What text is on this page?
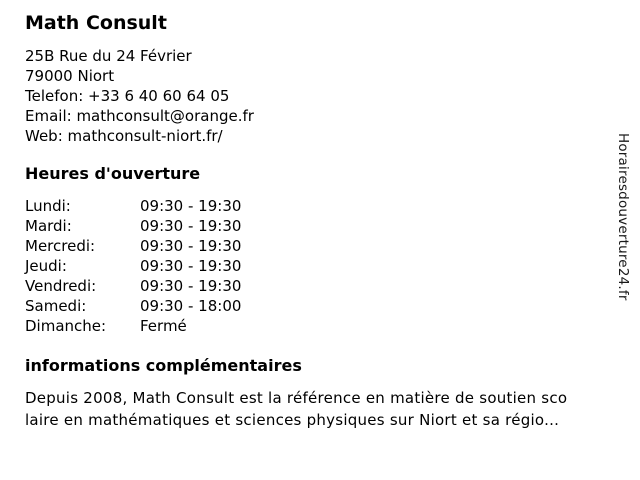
Math Consult
25B Rue du 24 Février
79000 Niort
Telefon: +33 6 40 60 64 05
Email: mathconsult@orange.fr
Web: mathconsult-niort.fr/
Heures d'ouverture
Lundi:	09:30 - 19:30
Mardi:	09:30 - 19:30
Mercredi:	09:30 - 19:30
Jeudi:	09:30 - 19:30
Vendredi:	09:30 - 19:30
Samedi:	09:30 - 18:00
Dimanche:	Fermé
informations complémentaires

Depuis 2008, Math Consult est la référence en matière de soutien sco
laire en mathématiques et sciences physiques sur Niort et sa régio...

Horairesdouverture24.fr
